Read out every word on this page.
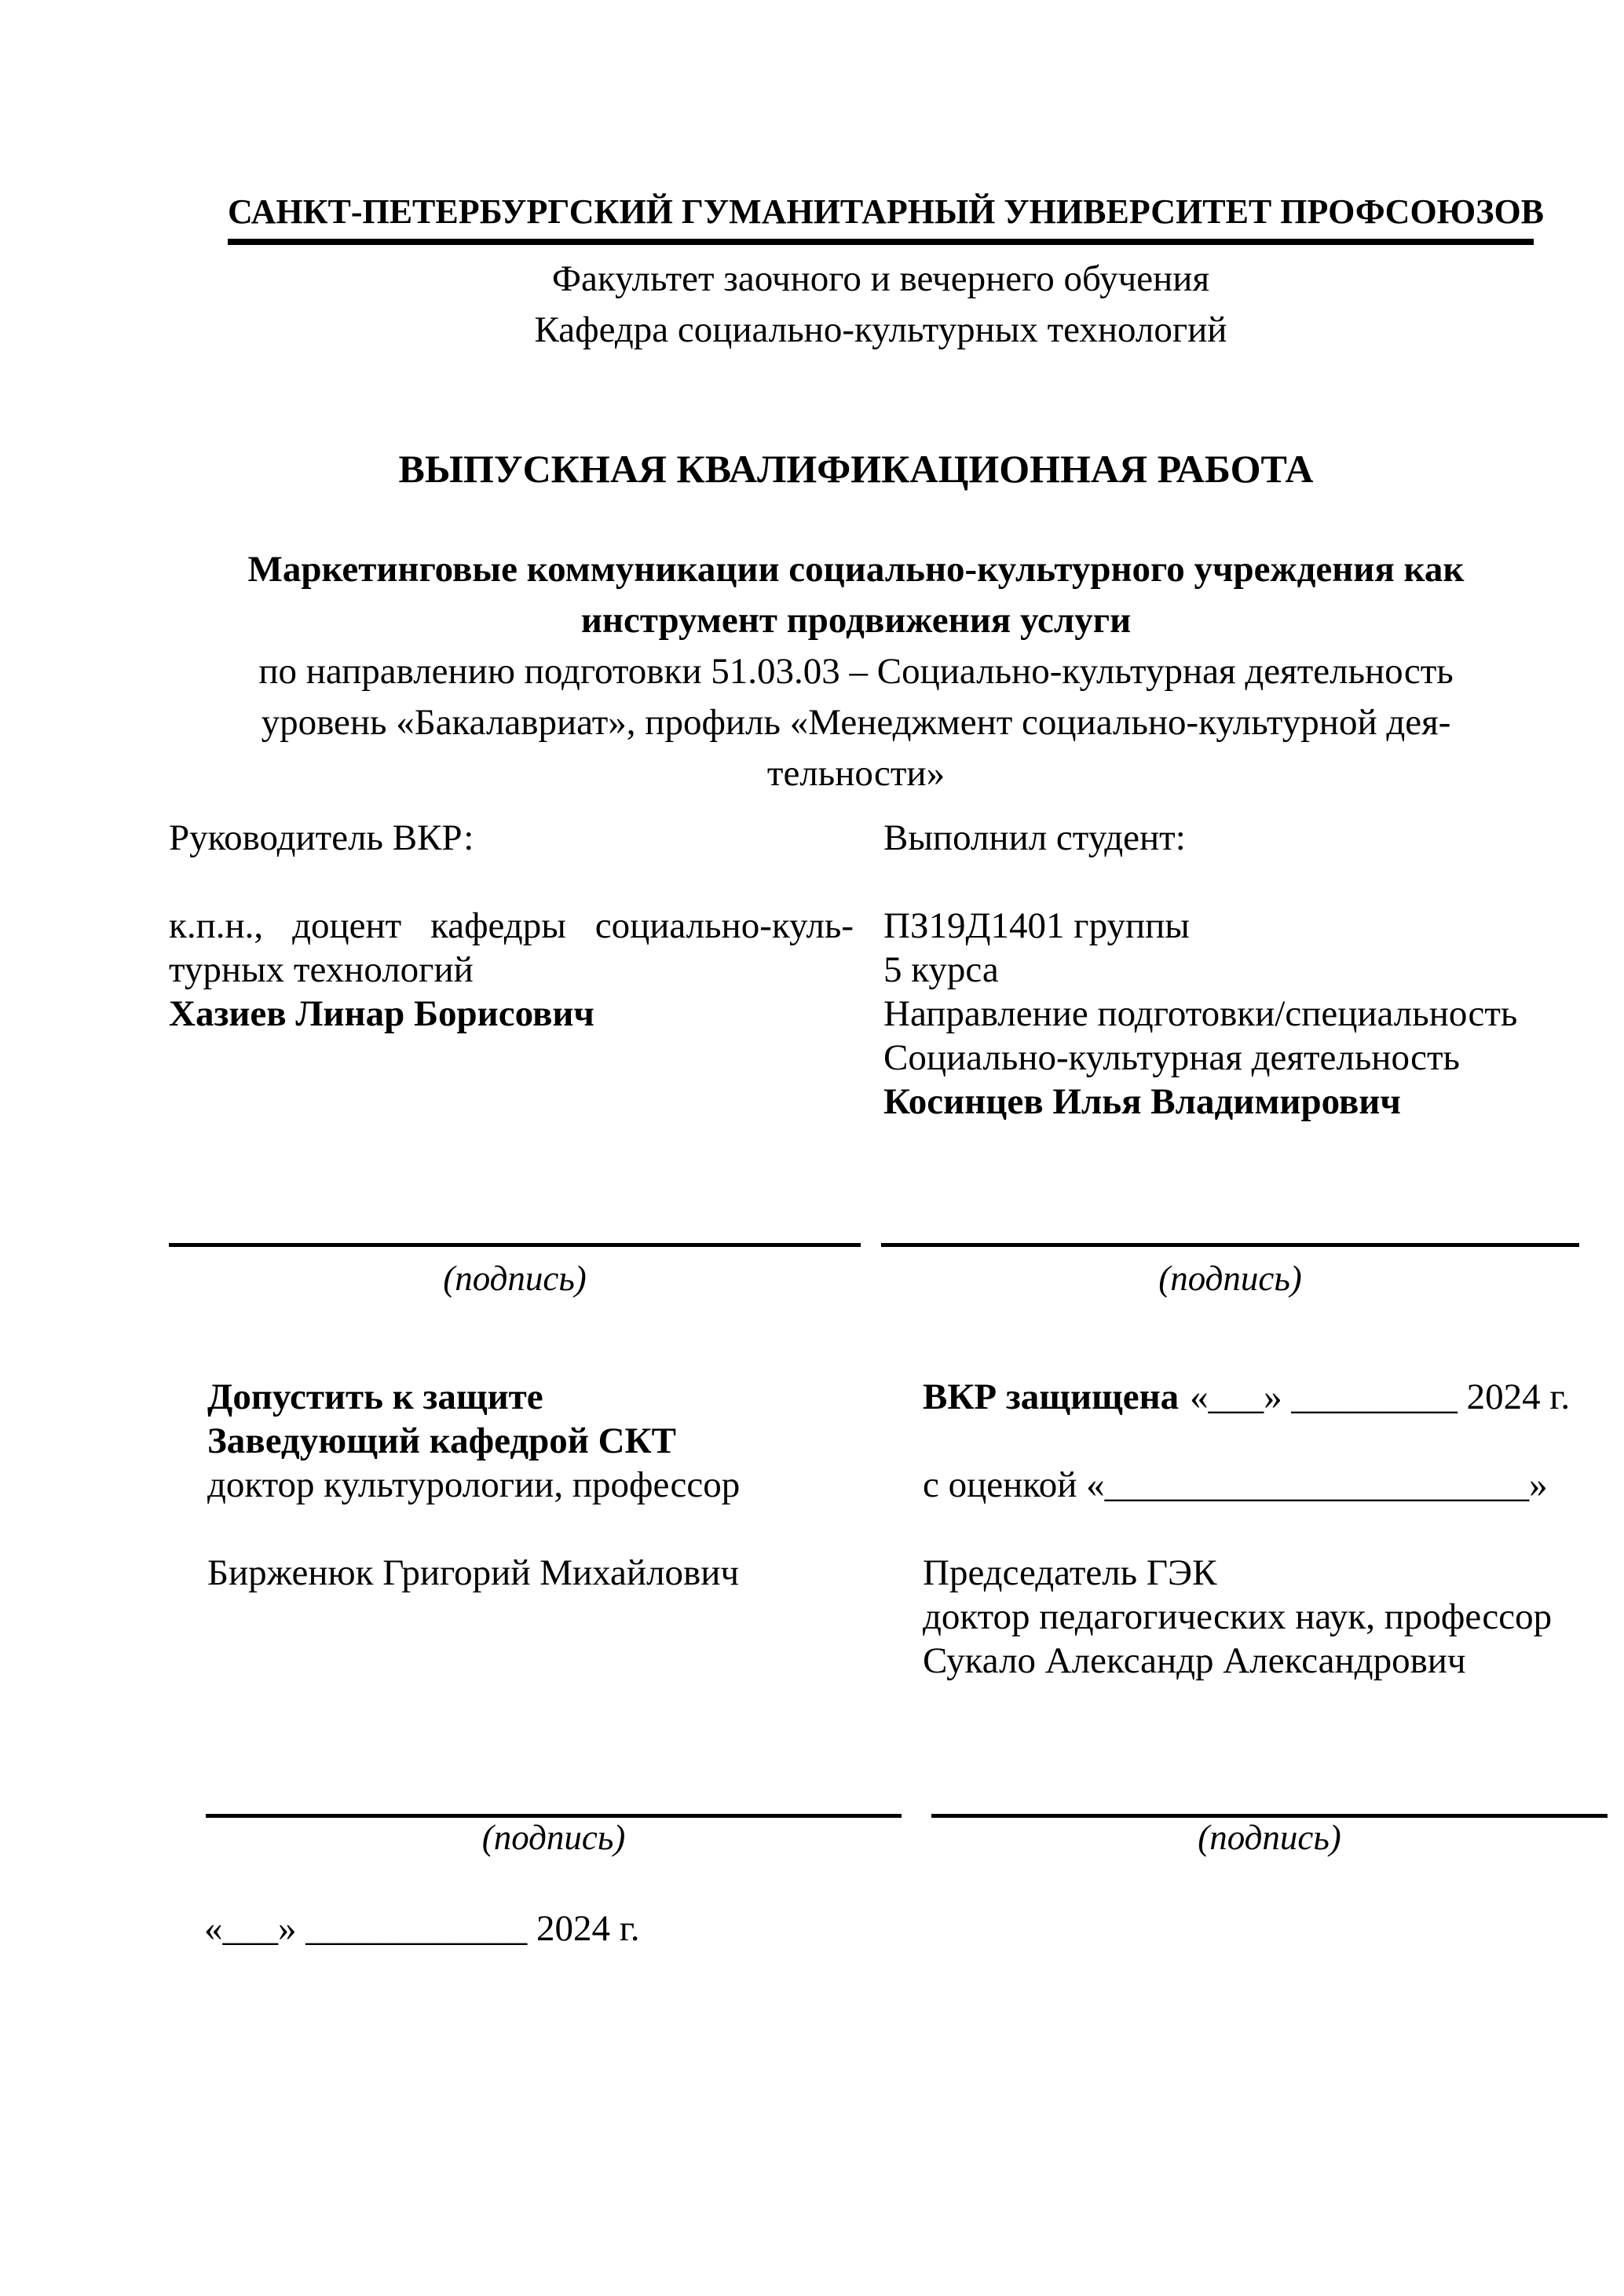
САНКТ-ПЕТЕРБУРГСКИЙ ГУМАНИТАРНЫЙ УНИВЕРСИТЕТ ПРОФСОЮЗОВ
Факультет заочного и вечернего обучения
Кафедра социально-культурных технологий
ВЫПУСКНАЯ КВАЛИФИКАЦИОННАЯ РАБОТА
Маркетинговые коммуникации социально-культурного учреждения как
инструмент продвижения услуги
по направлению подготовки 51.03.03 – Социально-культурная деятельность
уровень «Бакалавриат», профиль «Менеджмент социально-культурной дея-
тельности»
Руководитель ВКР:
к.п.н., доцент кафедры социально-куль-
турных технологий
Хазиев Линар Борисович
Выполнил студент:
ПЗ19Д1401 группы
5 курса
Направление подготовки/специальность
Социально-культурная деятельность
Косинцев Илья Владимирович
(подпись)	(подпись)
Допустить к защите
Заведующий кафедрой СКТ
доктор культурологии, профессор
Бирженюк Григорий Михайлович
ВКР защищена «___» _________ 2024 г.
с оценкой «_______________________»
Председатель ГЭК
доктор педагогических наук, профессор
Сукало Александр Александрович
(подпись)	(подпись)
«___» ____________ 2024 г.
